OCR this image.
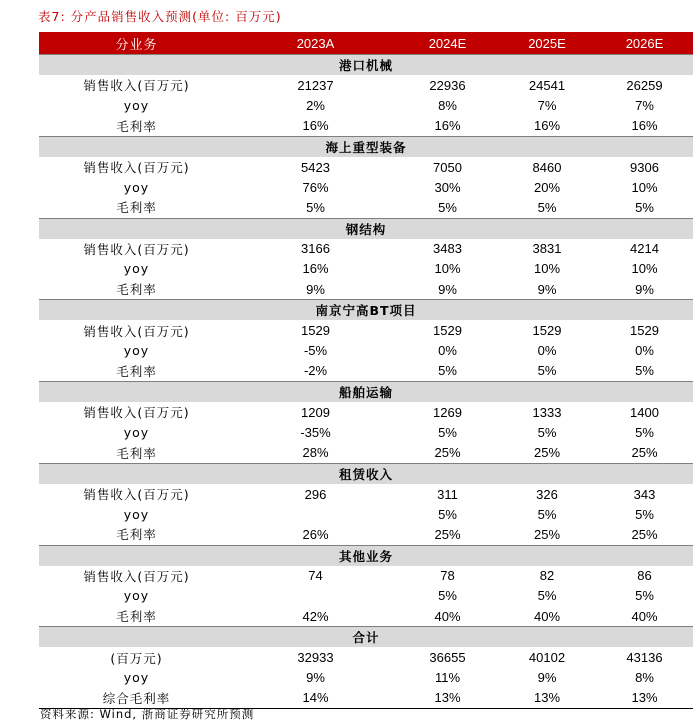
表7: 分产品销售收入预测(单位: 百万元)
分业务	2023A	2024E	2025E	2026E
港口机械				
销售收入(百万元)	21237	22936	24541	26259
yoy	2%	8%	7%	7%
毛利率	16%	16%	16%	16%
海上重型装备				
销售收入(百万元)	5423	7050	8460	9306
yoy	76%	30%	20%	10%
毛利率	5%	5%	5%	5%
钢结构				
销售收入(百万元)	3166	3483	3831	4214
yoy	16%	10%	10%	10%
毛利率	9%	9%	9%	9%
南京宁高BT项目				
销售收入(百万元)	1529	1529	1529	1529
yoy	-5%	0%	0%	0%
毛利率	-2%	5%	5%	5%
船舶运输				
销售收入(百万元)	1209	1269	1333	1400
yoy	-35%	5%	5%	5%
毛利率	28%	25%	25%	25%
租赁收入				
销售收入(百万元)	296	311	326	343
yoy		5%	5%	5%
毛利率	26%	25%	25%	25%
其他业务				
销售收入(百万元)	74	78	82	86
yoy		5%	5%	5%
毛利率	42%	40%	40%	40%
合计				
(百万元)	32933	36655	40102	43136
yoy	9%	11%	9%	8%
综合毛利率	14%	13%	13%	13%
资料来源: Wind, 浙商证券研究所预测
